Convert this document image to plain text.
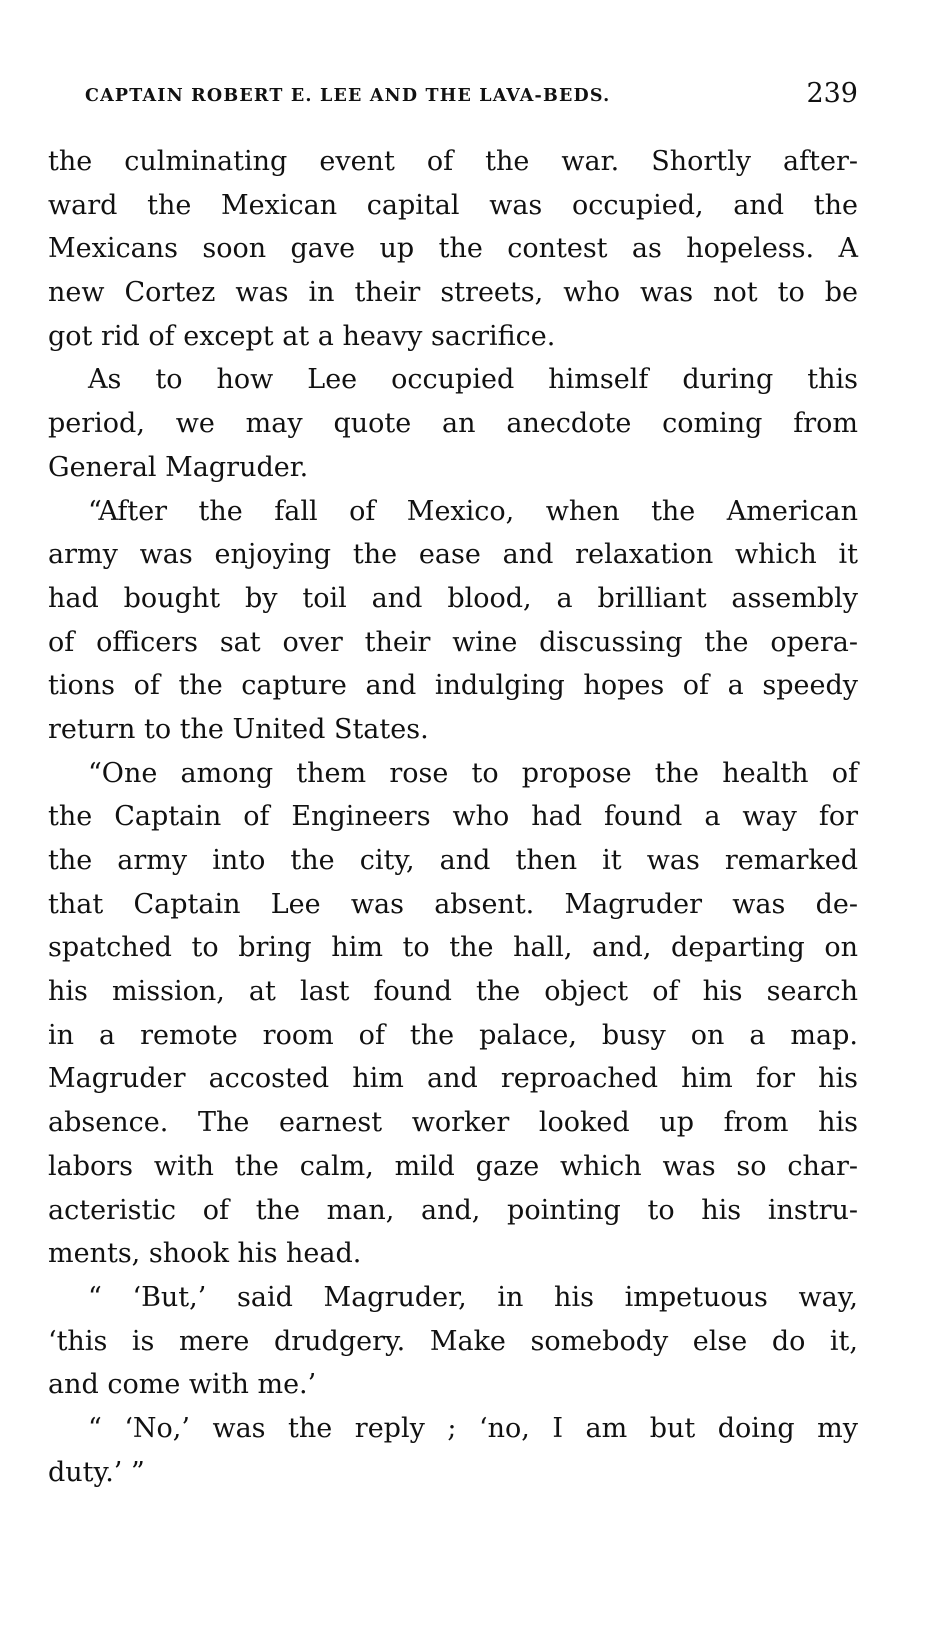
CAPTAIN ROBERT E. LEE AND THE LAVA-BEDS.	239
the culminating event of the war. Shortly after-
ward the Mexican capital was occupied, and the
Mexicans soon gave up the contest as hopeless. A
new Cortez was in their streets, who was not to be
got rid of except at a heavy sacrifice.
As to how Lee occupied himself during this
period, we may quote an anecdote coming from
General Magruder.
“After the fall of Mexico, when the American
army was enjoying the ease and relaxation which it
had bought by toil and blood, a brilliant assembly
of officers sat over their wine discussing the opera-
tions of the capture and indulging hopes of a speedy
return to the United States.
“One among them rose to propose the health of
the Captain of Engineers who had found a way for
the army into the city, and then it was remarked
that Captain Lee was absent. Magruder was de-
spatched to bring him to the hall, and, departing on
his mission, at last found the object of his search
in a remote room of the palace, busy on a map.
Magruder accosted him and reproached him for his
absence. The earnest worker looked up from his
labors with the calm, mild gaze which was so char-
acteristic of the man, and, pointing to his instru-
ments, shook his head.
“ ‘But,’ said Magruder, in his impetuous way,
‘this is mere drudgery. Make somebody else do it,
and come with me.’
“ ‘No,’ was the reply ; ‘no, I am but doing my
duty.’ ”
